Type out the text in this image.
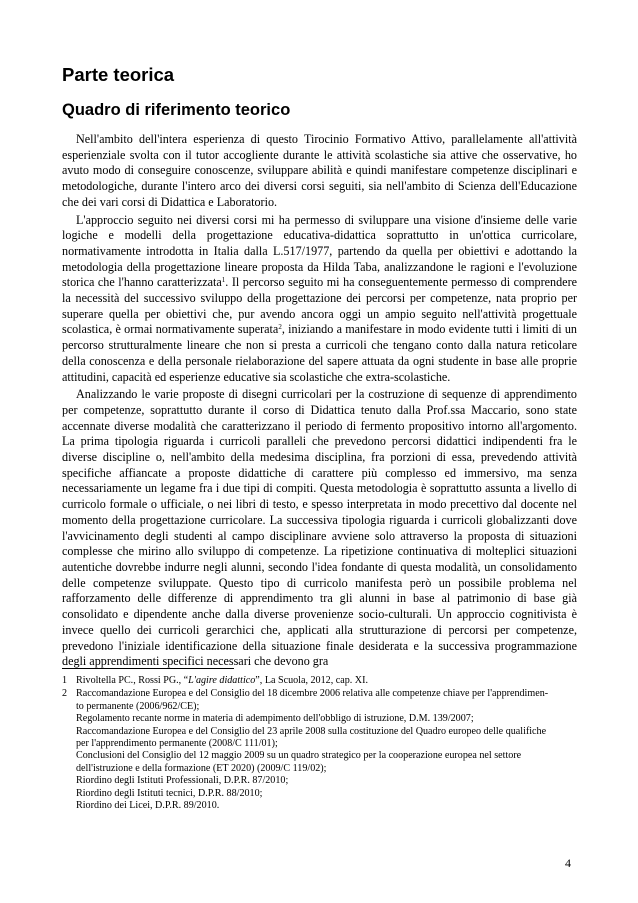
Parte teorica
Quadro di riferimento teorico

Nell'ambito dell'intera esperienza di questo Tirocinio Formativo Attivo, parallelamente all'attività esperienziale svolta con il tutor accogliente durante le attività scolastiche sia attive che osservative, ho avuto modo di conseguire conoscenze, sviluppare abilità e quindi manifestare competenze disciplinari e metodologiche, durante l'intero arco dei diversi corsi seguiti, sia nell'ambito di Scienza dell'Educazione che dei vari corsi di Didattica e Laboratorio.

L'approccio seguito nei diversi corsi mi ha permesso di sviluppare una visione d'insieme delle varie logiche e modelli della progettazione educativa-didattica soprattutto in un'ottica curricolare, normativamente introdotta in Italia dalla L.517/1977, partendo da quella per obiettivi e adottando la metodologia della progettazione lineare proposta da Hilda Taba, analizzandone le ragioni e l'evoluzione storica che l'hanno caratterizzata$^1$. Il percorso seguito mi ha conseguentemente permesso di comprendere la necessità del successivo sviluppo della progettazione dei percorsi per competenze, nata proprio per superare quella per obiettivi che, pur avendo ancora oggi un ampio seguito nell'attività progettuale scolastica, è ormai normativamente superata$^2$, iniziando a manifestare in modo evidente tutti i limiti di un percorso strutturalmente lineare che non si presta a curricoli che tengano conto dalla natura reticolare della conoscenza e della personale rielaborazione del sapere attuata da ogni studente in base alle proprie attitudini, capacità ed esperienze educative sia scolastiche che extra-scolastiche.

Analizzando le varie proposte di disegni curricolari per la costruzione di sequenze di apprendimento per competenze, soprattutto durante il corso di Didattica tenuto dalla Prof.ssa Maccario, sono state accennate diverse modalità che caratterizzano il periodo di fermento propositivo intorno all'argomento. La prima tipologia riguarda i curricoli paralleli che prevedono percorsi didattici indipendenti fra le diverse discipline o, nell'ambito della medesima disciplina, fra porzioni di essa, prevedendo attività specifiche affiancate a proposte didattiche di carattere più complesso ed immersivo, ma senza necessariamente un legame fra i due tipi di compiti. Questa metodologia è soprattutto assunta a livello di curricolo formale o ufficiale, o nei libri di testo, e spesso interpretata in modo precettivo dal docente nel momento della progettazione curricolare. La successiva tipologia riguarda i curricoli globalizzanti dove l'avvicinamento degli studenti al campo disciplinare avviene solo attraverso la proposta di situazioni complesse che mirino allo sviluppo di competenze. La ripetizione continuativa di molteplici situazioni autentiche dovrebbe indurre negli alunni, secondo l'idea fondante di questa modalità, un consolidamento delle competenze sviluppate. Questo tipo di curricolo manifesta però un possibile problema nel rafforzamento delle differenze di apprendimento tra gli alunni in base al patrimonio di base già consolidato e dipendente anche dalla diverse provenienze socio-culturali. Un approccio cognitivista è invece quello dei curricoli gerarchici che, applicati alla strutturazione di percorsi per competenze, prevedono l'iniziale identificazione della situazione finale desiderata e la successiva programmazione degli apprendimenti specifici necessari che devono gra

1 Rivoltella PC., Rossi PG., “L'agire didattico”, La Scuola, 2012, cap. XI.
2 Raccomandazione Europea e del Consiglio del 18 dicembre 2006 relativa alle competenze chiave per l'apprendimen-
to permanente (2006/962/CE);
Regolamento recante norme in materia di adempimento dell'obbligo di istruzione, D.M. 139/2007;
Raccomandazione Europea e del Consiglio del 23 aprile 2008 sulla costituzione del Quadro europeo delle qualifiche
per l'apprendimento permanente (2008/C 111/01);
Conclusioni del Consiglio del 12 maggio 2009 su un quadro strategico per la cooperazione europea nel settore
dell'istruzione e della formazione (ET 2020) (2009/C 119/02);
Riordino degli Istituti Professionali, D.P.R. 87/2010;
Riordino degli Istituti tecnici, D.P.R. 88/2010;
Riordino dei Licei, D.P.R. 89/2010.
4
